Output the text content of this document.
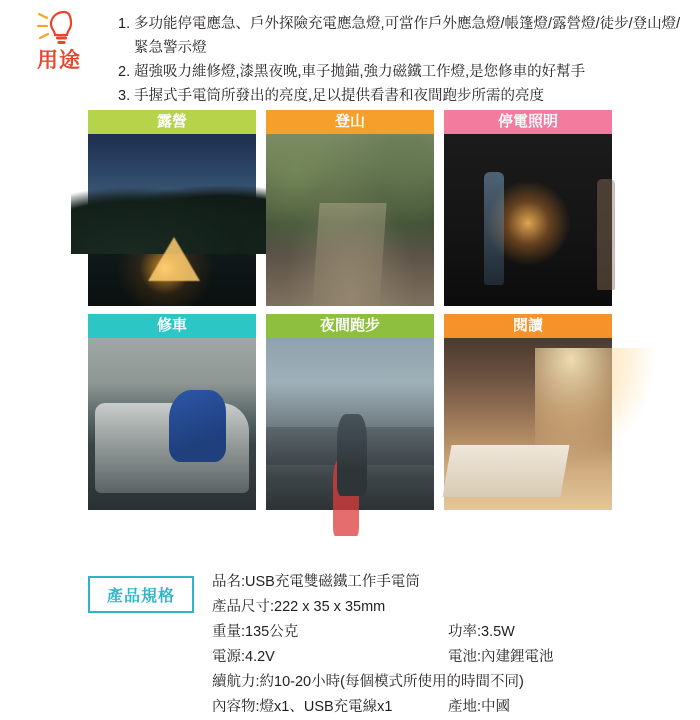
用途
1. 多功能停電應急、戶外探險充電應急燈,可當作戶外應急燈/帳篷燈/露營燈/徒步/登山燈/緊急警示燈
2. 超強吸力維修燈,漆黑夜晚,車子拋錨,強力磁鐵工作燈,是您修車的好幫手
3. 手握式手電筒所發出的亮度,足以提供看書和夜間跑步所需的亮度
露營	登山	停電照明
修車	夜間跑步	閱讀
產品規格
品名:USB充電雙磁鐵工作手電筒
產品尺寸:222 x 35 x 35mm
重量:135公克	功率:3.5W
電源:4.2V	電池:內建鋰電池
續航力:約10-20小時(每個模式所使用的時間不同)
內容物:燈x1、USB充電線x1	產地:中國
